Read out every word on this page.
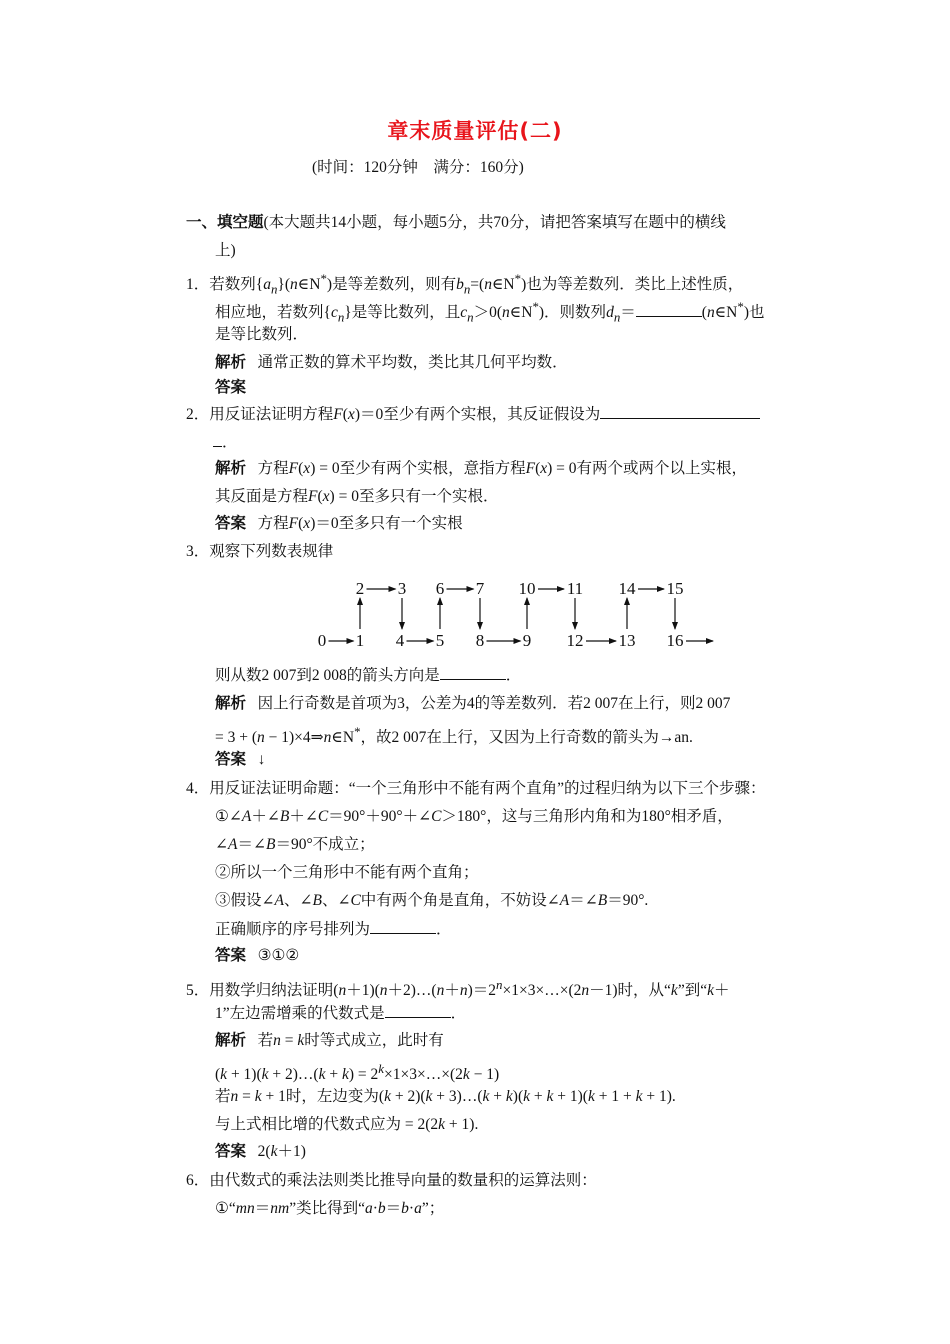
章末质量评估(二)
(时间：120分钟　满分：160分)
一、填空题(本大题共14小题，每小题5分，共70分，请把答案填写在题中的横线
上)
1．若数列$\{a_n\}(n\in N^*)$是等差数列，则有$b_n=(n\in N^*)$也为等差数列．类比上述性质，
相应地，若数列$\{c_n\}$是等比数列，且$c_n>0(n\in N^*)$．则数列$d_n=$	(n∈N*)也
是等比数列．
解析 通常正数的算术平均数，类比其几何平均数．
答案
2．用反证法证明方程F(x)＝0至少有两个实根，其反证假设为
．
解析 方程F(x) = 0至少有两个实根，意指方程F(x) = 0有两个或两个以上实根，
其反面是方程F(x) = 0至多只有一个实根．
答案 方程F(x)＝0至多只有一个实根
3．观察下列数表规律
2 3 6 7 10 11 14 15
0 1 4 5 8 9 12 13 16
则从数2 007到2 008的箭头方向是	．
解析 因上行奇数是首项为3，公差为4的等差数列．若2 007在上行，则2 007
= 3 + (n − 1)×4⇒n∈N*，故2 007在上行，又因为上行奇数的箭头为→an.
答案 ↓
4．用反证法证明命题：“一个三角形中不能有两个直角”的过程归纳为以下三个步骤：
①∠A＋∠B＋∠C＝90°＋90°＋∠C＞180°，这与三角形内角和为180°相矛盾，
∠A＝∠B＝90°不成立；
②所以一个三角形中不能有两个直角；
③假设∠A、∠B、∠C中有两个角是直角，不妨设∠A＝∠B＝90°.
正确顺序的序号排列为	．
答案 ③①②
5．用数学归纳法证明$(n+1)(n+2)\dots(n+n)=2^n\times 1\times 3\times\dots\times(2n-1)$时，从“k”到“k＋
1”左边需增乘的代数式是	．
解析 若n = k时等式成立，此时有
(k + 1)(k + 2)…(k + $k) = 2^k\times 1\times 3\times\dots\times(2k - 1)$
若n = k + 1时，左边变为(k + 2)(k + 3)…(k + k)(k + k + 1)(k + 1 + k + 1).
与上式相比增的代数式应为 = 2(2k + 1).
答案 2(k＋1)
6．由代数式的乘法法则类比推导向量的数量积的运算法则：
①“mn＝nm”类比得到“a·b＝b·a”；
